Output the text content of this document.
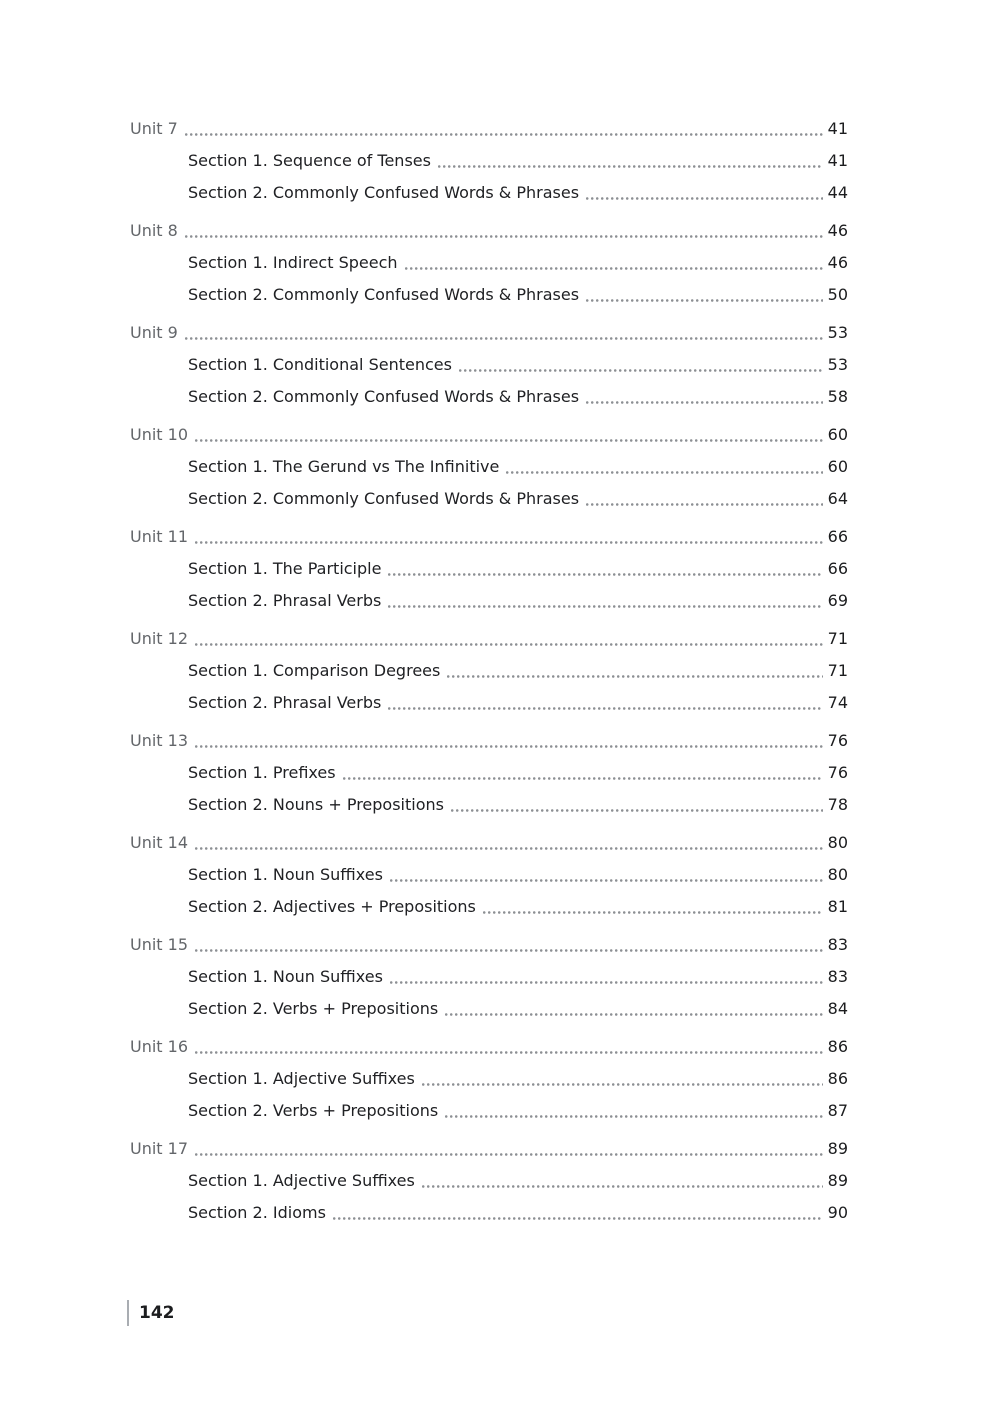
Unit 7	41
Section 1. Sequence of Tenses	41
Section 2. Commonly Confused Words & Phrases	44
Unit 8	46
Section 1. Indirect Speech	46
Section 2. Commonly Confused Words & Phrases	50
Unit 9	53
Section 1. Conditional Sentences	53
Section 2. Commonly Confused Words & Phrases	58
Unit 10	60
Section 1. The Gerund vs The Infinitive	60
Section 2. Commonly Confused Words & Phrases	64
Unit 11	66
Section 1. The Participle	66
Section 2. Phrasal Verbs	69
Unit 12	71
Section 1. Comparison Degrees	71
Section 2. Phrasal Verbs	74
Unit 13	76
Section 1. Prefixes	76
Section 2. Nouns + Prepositions	78
Unit 14	80
Section 1. Noun Suffixes	80
Section 2. Adjectives + Prepositions	81
Unit 15	83
Section 1. Noun Suffixes	83
Section 2. Verbs + Prepositions	84
Unit 16	86
Section 1. Adjective Suffixes	86
Section 2. Verbs + Prepositions	87
Unit 17	89
Section 1. Adjective Suffixes	89
Section 2. Idioms	90
142
